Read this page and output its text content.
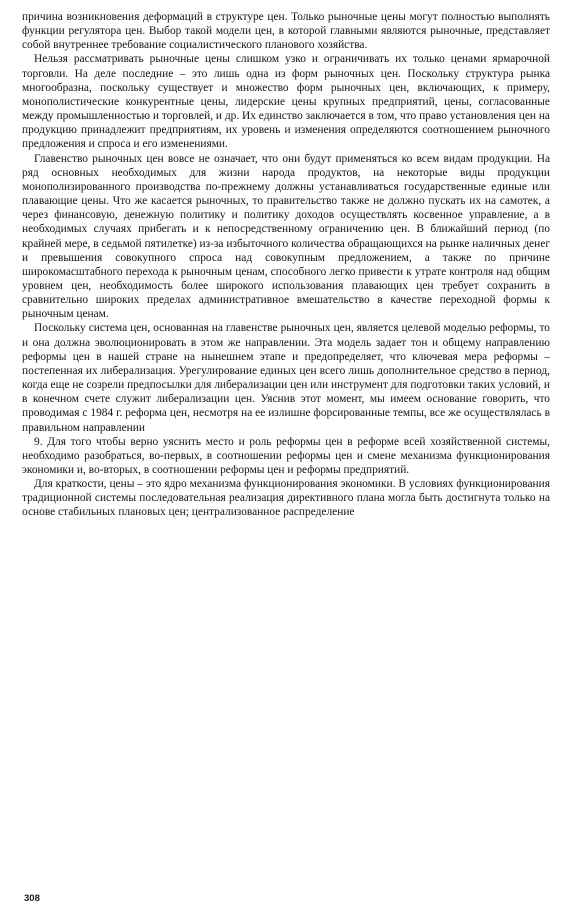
причина возникновения деформаций в структуре цен. Только рыночные цены могут полностью выполнять функции регулятора цен. Выбор такой модели цен, в которой главными являются рыночные, представляет собой внутреннее требование социалистического планового хозяйства.

Нельзя рассматривать рыночные цены слишком узко и ограничивать их только ценами ярмарочной торговли. На деле последние – это лишь одна из форм рыночных цен. Поскольку структура рынка многообразна, поскольку существует и множество форм рыночных цен, включающих, к примеру, монополистические конкурентные цены, лидерские цены крупных предприятий, цены, согласованные между промышленностью и торговлей, и др. Их единство заключается в том, что право установления цен на продукцию принадлежит предприятиям, их уровень и изменения определяются соотношением рыночного предложения и спроса и его изменениями.

Главенство рыночных цен вовсе не означает, что они будут применяться ко всем видам продукции. На ряд основных необходимых для жизни народа продуктов, на некоторые виды продукции монополизированного производства по-прежнему должны устанавливаться государственные единые или плавающие цены. Что же касается рыночных, то правительство также не должно пускать их на самотек, а через финансовую, денежную политику и политику доходов осуществлять косвенное управление, а в необходимых случаях прибегать и к непосредственному ограничению цен. В ближайший период (по крайней мере, в седьмой пятилетке) из-за избыточного количества обращающихся на рынке наличных денег и превышения совокупного спроса над совокупным предложением, а также по причине широкомасштабного перехода к рыночным ценам, способного легко привести к утрате контроля над общим уровнем цен, необходимость более широкого использования плавающих цен требует сохранить в сравнительно широких пределах административное вмешательство в качестве переходной формы к рыночным ценам.

Поскольку система цен, основанная на главенстве рыночных цен, является целевой моделью реформы, то и она должна эволюционировать в этом же направлении. Эта модель задает тон и общему направлению реформы цен в нашей стране на нынешнем этапе и предопределяет, что ключевая мера реформы – постепенная их либерализация. Урегулирование единых цен всего лишь дополнительное средство в период, когда еще не созрели предпосылки для либерализации цен или инструмент для подготовки таких условий, и в конечном счете служит либерализации цен. Уяснив этот момент, мы имеем основание говорить, что проводимая с 1984 г. реформа цен, несмотря на ее излишне форсированные темпы, все же осуществлялась в правильном направлении

9. Для того чтобы верно уяснить место и роль реформы цен в реформе всей хозяйственной системы, необходимо разобраться, во-первых, в соотношении реформы цен и смене механизма функционирования экономики и, во-вторых, в соотношении реформы цен и реформы предприятий.

Для краткости, цены – это ядро механизма функционирования экономики. В условиях функционирования традиционной системы последовательная реализация директивного плана могла быть достигнута только на основе стабильных плановых цен; централизованное распределение

308
